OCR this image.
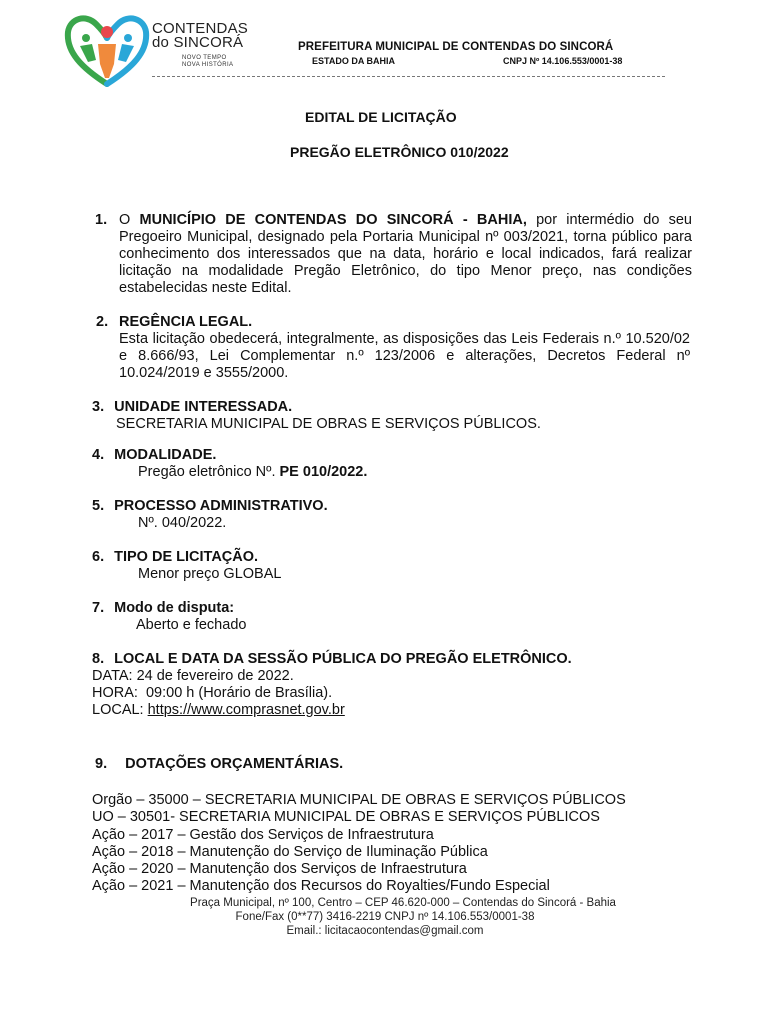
CONTENDAS
do SINCORÁ
NOVO TEMPO
NOVA HISTÓRIA
PREFEITURA MUNICIPAL DE CONTENDAS DO SINCORÁ
ESTADO DA BAHIA	CNPJ Nº 14.106.553/0001-38
EDITAL DE LICITAÇÃO
PREGÃO ELETRÔNICO 010/2022
1. O MUNICÍPIO DE CONTENDAS DO SINCORÁ - BAHIA, por intermédio do seu Pregoeiro Municipal, designado pela Portaria Municipal nº 003/2021, torna público para conhecimento dos interessados que na data, horário e local indicados, fará realizar licitação na modalidade Pregão Eletrônico, do tipo Menor preço, nas condições estabelecidas neste Edital.
2. REGÊNCIA LEGAL.
Esta licitação obedecerá, integralmente, as disposições das Leis Federais n.º 10.520/02 e 8.666/93, Lei Complementar n.º 123/2006 e alterações, Decretos Federal nº 10.024/2019 e 3555/2000.
3. UNIDADE INTERESSADA.
SECRETARIA MUNICIPAL DE OBRAS E SERVIÇOS PÚBLICOS.
4. MODALIDADE.
Pregão eletrônico Nº. PE 010/2022.
5. PROCESSO ADMINISTRATIVO.
Nº. 040/2022.
6. TIPO DE LICITAÇÃO.
Menor preço GLOBAL
7. Modo de disputa:
Aberto e fechado
8. LOCAL E DATA DA SESSÃO PÚBLICA DO PREGÃO ELETRÔNICO.
DATA: 24 de fevereiro de 2022.
HORA:  09:00 h (Horário de Brasília).
LOCAL: https://www.comprasnet.gov.br
9. DOTAÇÕES ORÇAMENTÁRIAS.
Orgão – 35000 – SECRETARIA MUNICIPAL DE OBRAS E SERVIÇOS PÚBLICOS
UO – 30501- SECRETARIA MUNICIPAL DE OBRAS E SERVIÇOS PÚBLICOS
Ação – 2017 – Gestão dos Serviços de Infraestrutura
Ação – 2018 – Manutenção do Serviço de Iluminação Pública
Ação – 2020 – Manutenção dos Serviços de Infraestrutura
Ação – 2021 – Manutenção dos Recursos do Royalties/Fundo Especial
Praça Municipal, nº 100, Centro – CEP 46.620-000 – Contendas do Sincorá - Bahia
Fone/Fax (0**77) 3416-2219 CNPJ nº 14.106.553/0001-38
Email.: licitacaocontendas@gmail.com
